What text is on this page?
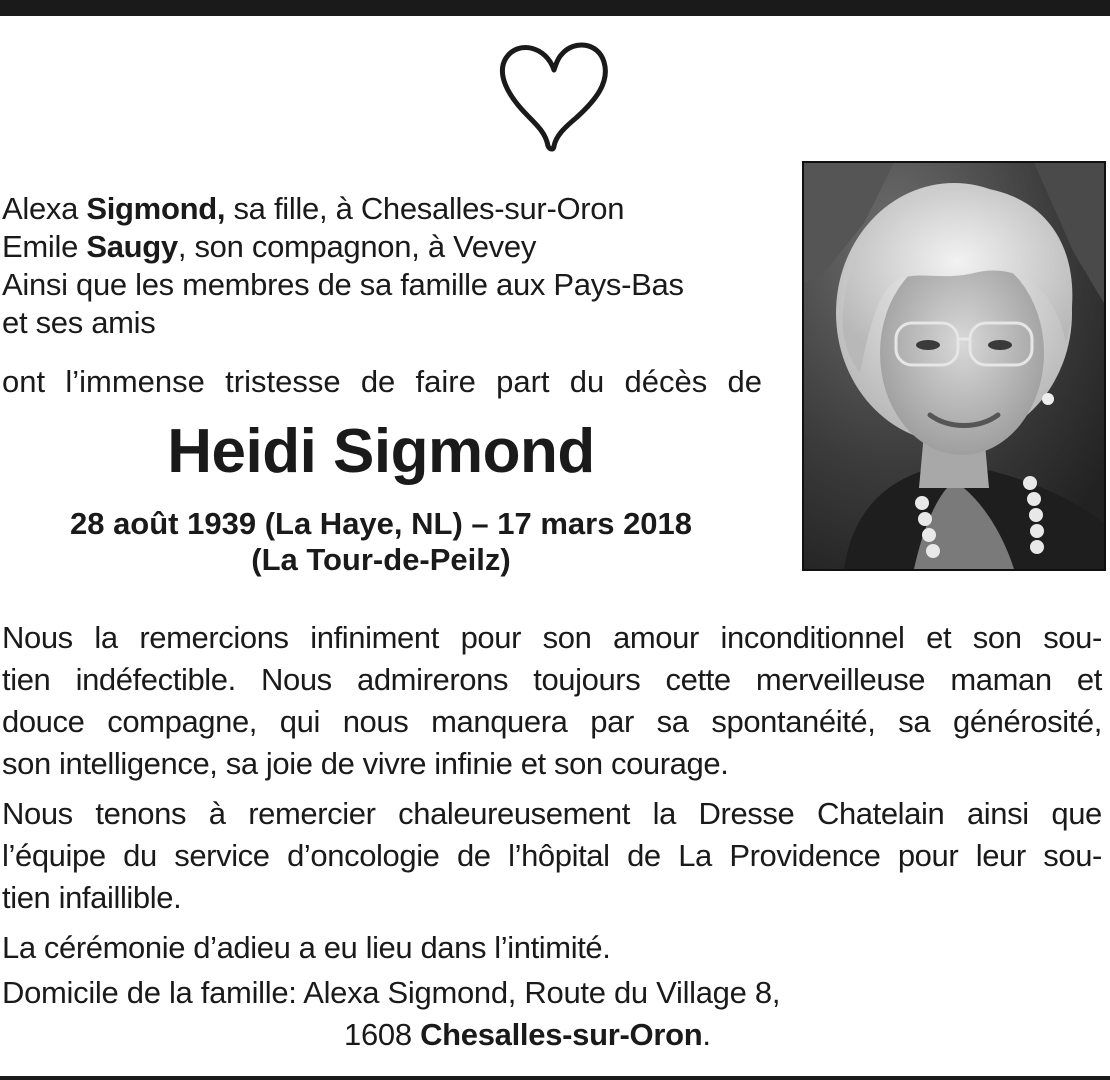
Alexa Sigmond, sa fille, à Chesalles-sur-Oron
Emile Saugy, son compagnon, à Vevey
Ainsi que les membres de sa famille aux Pays-Bas
et ses amis
ont l’immense tristesse de faire part du décès de
Heidi Sigmond
28 août 1939 (La Haye, NL) – 17 mars 2018
(La Tour-de-Peilz)

Nous la remercions infiniment pour son amour inconditionnel et son sou-
tien indéfectible. Nous admirerons toujours cette merveilleuse maman et
douce compagne, qui nous manquera par sa spontanéité, sa générosité,
son intelligence, sa joie de vivre infinie et son courage.

Nous tenons à remercier chaleureusement la Dresse Chatelain ainsi que
l’équipe du service d’oncologie de l’hôpital de La Providence pour leur sou-
tien infaillible.

La cérémonie d’adieu a eu lieu dans l’intimité.

Domicile de la famille: Alexa Sigmond, Route du Village 8,
1608 Chesalles-sur-Oron.
